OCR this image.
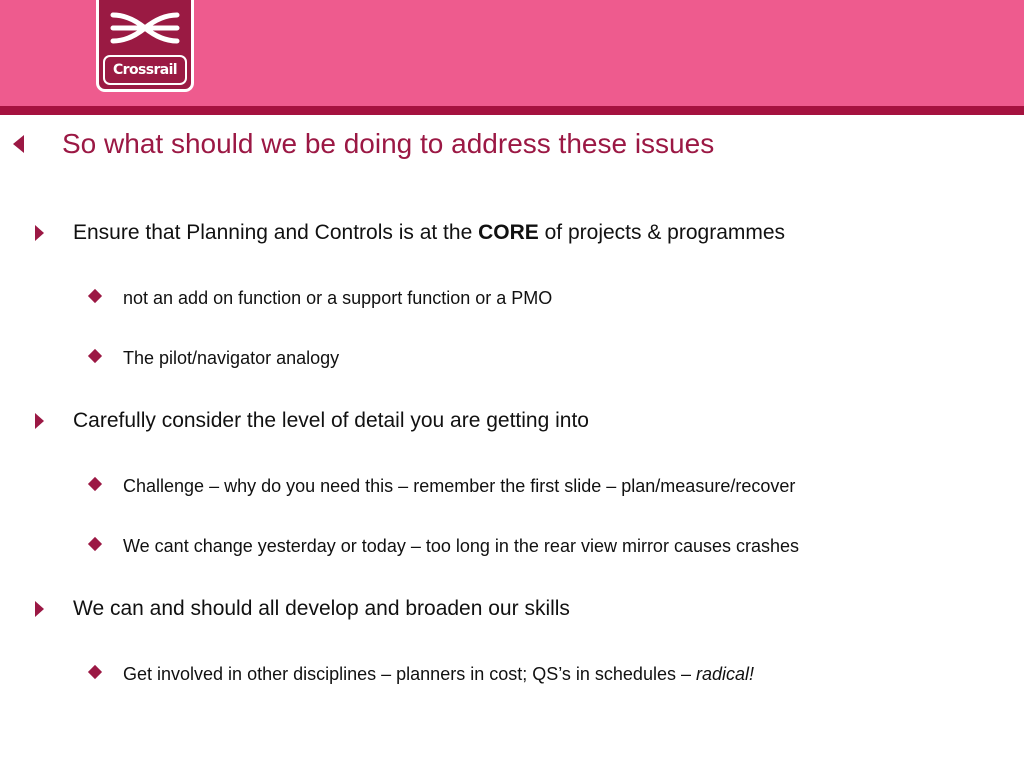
Crossrail
So what should we be doing to address these issues
Ensure that Planning and Controls is at the CORE of projects & programmes
not an add on function or a support function or a PMO
The pilot/navigator analogy
Carefully consider the level of detail you are getting into
Challenge – why do you need this – remember the first slide – plan/measure/recover
We cant change yesterday or today – too long in the rear view mirror causes crashes
We can and should all develop and broaden our skills
Get involved in other disciplines – planners in cost; QS’s in schedules – radical!
